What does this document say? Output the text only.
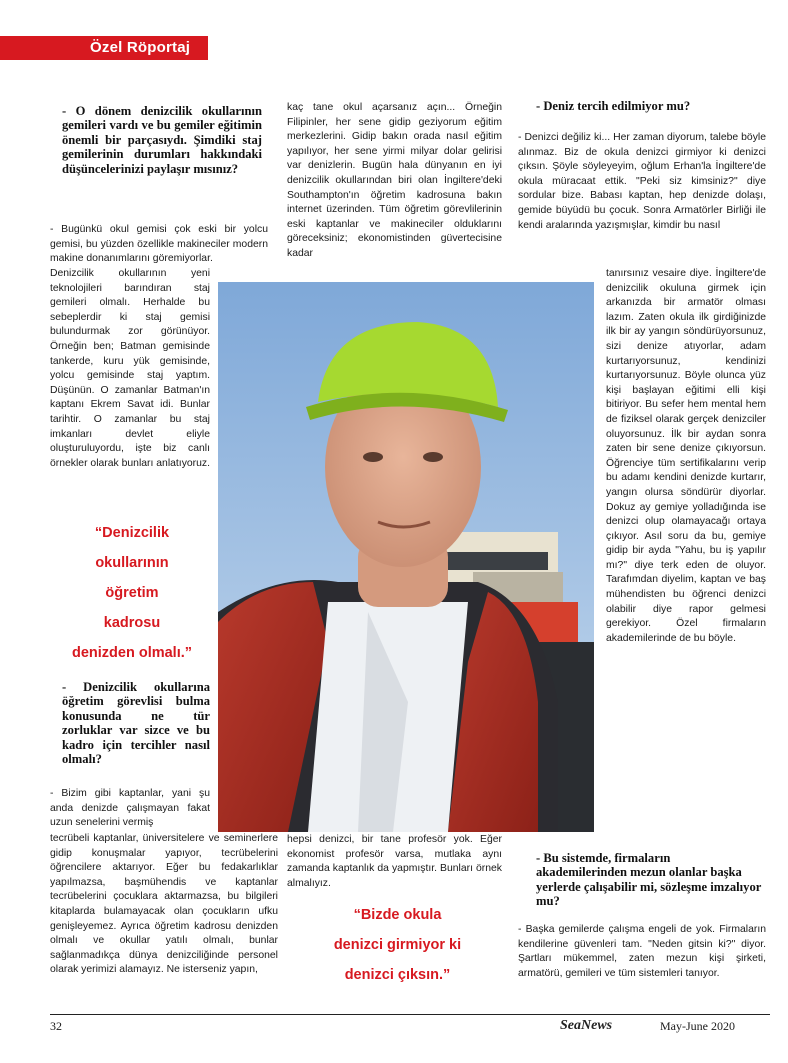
Özel Röportaj
- O dönem denizcilik okullarının gemileri vardı ve bu gemiler eğitimin önemli bir parçasıydı. Şimdiki staj gemilerinin durumları hakkındaki düşüncelerinizi paylaşır mısınız?
- Bugünkü okul gemisi çok eski bir yolcu gemisi, bu yüzden özellikle makineciler modern makine donanımlarını göremiyorlar.
Denizcilik okullarının yeni teknolojileri barındıran staj gemileri olmalı. Herhalde bu sebeplerdir ki staj gemisi bulundurmak zor görünüyor. Örneğin ben; Batman gemisinde tankerde, kuru yük gemisinde, yolcu gemisinde staj yaptım. Düşünün. O zamanlar Batman'ın kaptanı Ekrem Savat idi. Bunlar tarihtir. O zamanlar bu staj imkanları devlet eliyle oluşturuluyordu, işte biz canlı örnekler olarak bunları anlatıyoruz.
“Denizcilik
okullarının
öğretim
kadrosu
denizden olmalı.”
- Denizcilik okullarına öğretim görevlisi bulma konusunda ne tür zorluklar var sizce ve bu kadro için tercihler nasıl olmalı?
- Bizim gibi kaptanlar, yani şu anda denizde çalışmayan fakat uzun senelerini vermiş
tecrübeli kaptanlar, üniversitelere ve seminerlere gidip konuşmalar yapıyor, tecrübelerini öğrencilere aktarıyor. Eğer bu fedakarlıklar yapılmazsa, başmühendis ve kaptanlar tecrübelerini çocuklara aktarmazsa, bu bilgileri kitaplarda bulamayacak olan çocukların ufku genişleyemez. Ayrıca öğretim kadrosu denizden olmalı ve okullar yatılı olmalı, bunlar sağlanmadıkça dünya denizciliğinde personel olarak yerimizi alamayız. Ne isterseniz yapın,
kaç tane okul açarsanız açın... Örneğin Filipinler, her sene gidip geziyorum eğitim merkezlerini. Gidip bakın orada nasıl eğitim yapılıyor, her sene yirmi milyar dolar gelirisi var denizlerin. Bugün hala dünyanın en iyi denizcilik okullarından biri olan İngiltere'deki Southampton'ın öğretim kadrosuna bakın internet üzerinden. Tüm öğretim görevlilerinin eski kaptanlar ve makineciler olduklarını göreceksiniz; ekonomistinden güvertecisine kadar
hepsi denizci, bir tane profesör yok. Eğer ekonomist profesör varsa, mutlaka aynı zamanda kaptanlık da yapmıştır. Bunları örnek almalıyız.
“Bizde okula
denizci girmiyor ki
denizci çıksın.”
- Deniz tercih edilmiyor mu?
- Denizci değiliz ki... Her zaman diyorum, talebe böyle alınmaz. Biz de okula denizci girmiyor ki denizci çıksın. Şöyle söyleyeyim, oğlum Erhan'la İngiltere'de okula müracaat ettik. "Peki siz kimsiniz?" diye sordular bize. Babası kaptan, hep denizde dolaşı, gemide büyüdü bu çocuk. Sonra Armatörler Birliği ile kendi aralarında yazışmışlar, kimdir bu nasıl
tanırsınız vesaire diye. İngiltere'de denizcilik okuluna girmek için arkanızda bir armatör olması lazım. Zaten okula ilk girdiğinizde ilk bir ay yangın söndürüyorsunuz, sizi denize atıyorlar, adam kurtarıyorsunuz, kendinizi kurtarıyorsunuz. Böyle olunca yüz kişi başlayan eğitimi elli kişi bitiriyor. Bu sefer hem mental hem de fiziksel olarak gerçek denizciler oluyorsunuz. İlk bir aydan sonra zaten bir sene denize çıkıyorsun. Öğrenciye tüm sertifikalarını verip bu adamı kendini denizde kurtarır, yangın olursa söndürür diyorlar. Dokuz ay gemiye yolladığında ise denizci olup olamayacağı ortaya çıkıyor. Asıl soru da bu, gemiye gidip bir ayda "Yahu, bu iş yapılır mı?" diye terk eden de oluyor. Tarafımdan diyelim, kaptan ve baş mühendisten bu öğrenci denizci olabilir diye rapor gelmesi gerekiyor. Özel firmaların akademilerinde de bu böyle.
- Bu sistemde, firmaların akademilerinden mezun olanlar başka yerlerde çalışabilir mi, sözleşme imzalıyor mu?
- Başka gemilerde çalışma engeli de yok. Firmaların kendilerine güvenleri tam. "Neden gitsin ki?" diyor. Şartları mükemmel, zaten mezun kişi şirketi, armatörü, gemileri ve tüm sistemleri tanıyor.
32	SeaNews	May-June 2020
